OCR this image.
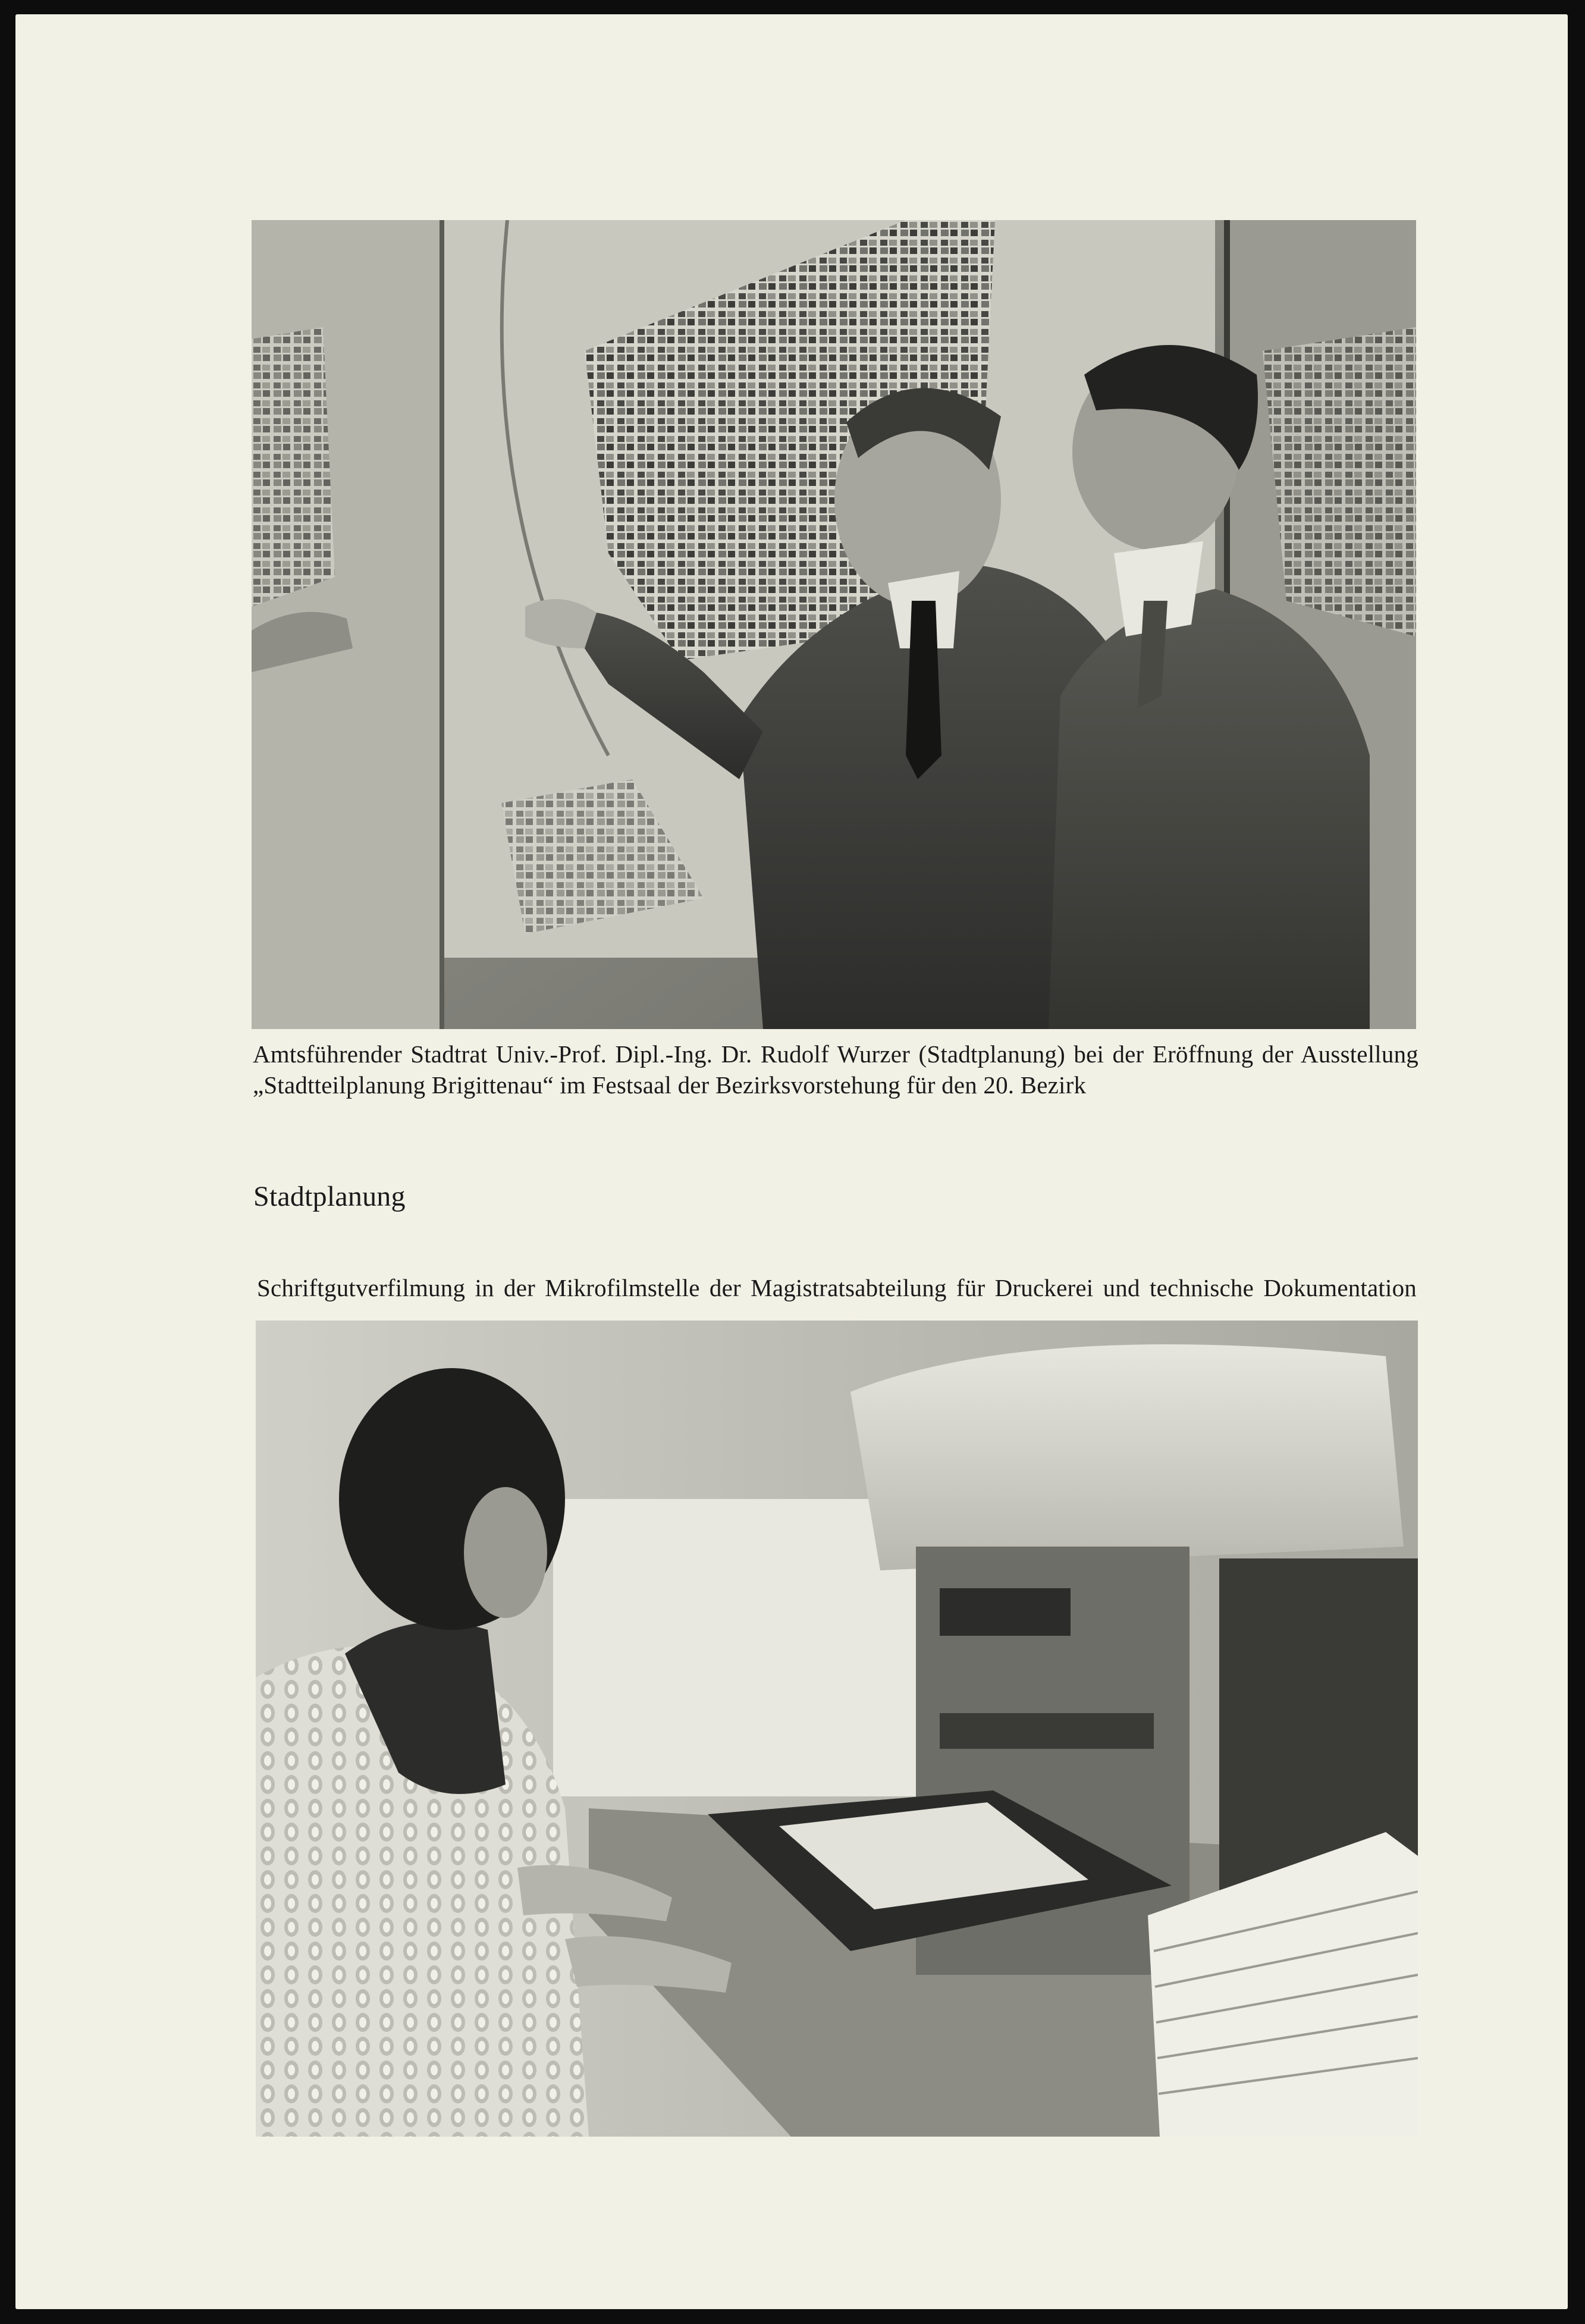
Amtsführender Stadtrat Univ.-Prof. Dipl.-Ing. Dr. Rudolf Wurzer (Stadtplanung) bei der Eröffnung der Ausstellung
„Stadtteilplanung Brigittenau“ im Festsaal der Bezirksvorstehung für den 20. Bezirk
Stadtplanung
Schriftgutverfilmung in der Mikrofilmstelle der Magistratsabteilung für Druckerei und technische Dokumentation
